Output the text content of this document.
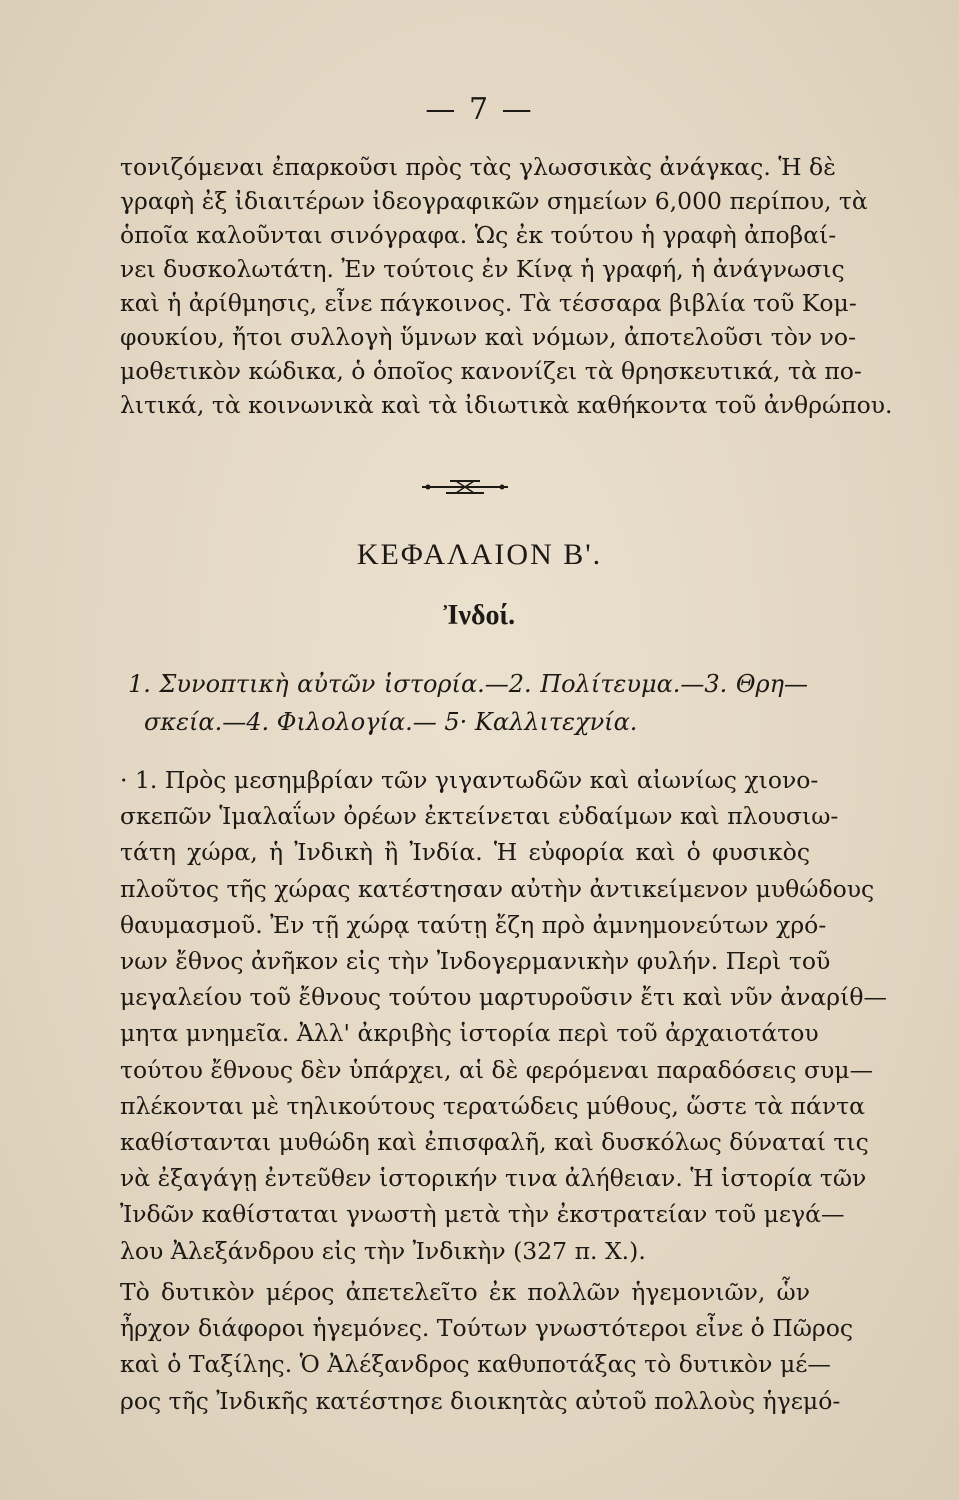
— 7 —
τονιζόμεναι ἐπαρκοῦσι πρὸς τὰς γλωσσικὰς ἀνάγκας. Ἡ δὲ
γραφὴ ἐξ ἰδιαιτέρων ἰδεογραφικῶν σημείων 6,000 περίπου, τὰ
ὁποῖα καλοῦνται σινόγραφα. Ὡς ἐκ τούτου ἡ γραφὴ ἀποβαί-
νει δυσκολωτάτη. Ἐν τούτοις ἐν Κίνᾳ ἡ γραφή, ἡ ἀνάγνωσις
καὶ ἡ ἀρίθμησις, εἶνε πάγκοινος. Τὰ τέσσαρα βιβλία τοῦ Κομ-
φουκίου, ἤτοι συλλογὴ ὕμνων καὶ νόμων, ἀποτελοῦσι τὸν νο-
μοθετικὸν κώδικα, ὁ ὁποῖος κανονίζει τὰ θρησκευτικά, τὰ πο-
λιτικά, τὰ κοινωνικὰ καὶ τὰ ἰδιωτικὰ καθήκοντα τοῦ ἀνθρώπου.
ΚΕΦΑΛΑΙΟΝ Β'.
Ἰνδοί.
1. Συνοπτικὴ αὐτῶν ἱστορία.—2. Πολίτευμα.—3. Θρη—
σκεία.—4. Φιλολογία.— 5· Καλλιτεχνία.
· 1. Πρὸς μεσημβρίαν τῶν γιγαντωδῶν καὶ αἰωνίως χιονο-
σκεπῶν Ἱμαλαΐων ὀρέων ἐκτείνεται εὐδαίμων καὶ πλουσιω-
τάτη χώρα, ἡ Ἰνδικὴ ἢ Ἰνδία. Ἡ εὐφορία καὶ ὁ φυσικὸς
πλοῦτος τῆς χώρας κατέστησαν αὐτὴν ἀντικείμενον μυθώδους
θαυμασμοῦ. Ἐν τῇ χώρᾳ ταύτῃ ἔζη πρὸ ἀμνημονεύτων χρό-
νων ἔθνος ἀνῆκον εἰς τὴν Ἰνδογερμανικὴν φυλήν. Περὶ τοῦ
μεγαλείου τοῦ ἔθνους τούτου μαρτυροῦσιν ἔτι καὶ νῦν ἀναρίθ—
μητα μνημεῖα. Ἀλλ' ἀκριβὴς ἱστορία περὶ τοῦ ἀρχαιοτάτου
τούτου ἔθνους δὲν ὑπάρχει, αἱ δὲ φερόμεναι παραδόσεις συμ—
πλέκονται μὲ τηλικούτους τερατώδεις μύθους, ὥστε τὰ πάντα
καθίστανται μυθώδη καὶ ἐπισφαλῆ, καὶ δυσκόλως δύναταί τις
νὰ ἐξαγάγῃ ἐντεῦθεν ἱστορικήν τινα ἀλήθειαν. Ἡ ἱστορία τῶν
Ἰνδῶν καθίσταται γνωστὴ μετὰ τὴν ἐκστρατείαν τοῦ μεγά—
λου Ἀλεξάνδρου εἰς τὴν Ἰνδικὴν (327 π. Χ.).
Τὸ δυτικὸν μέρος ἀπετελεῖτο ἐκ πολλῶν ἡγεμονιῶν, ὧν
ἦρχον διάφοροι ἡγεμόνες. Τούτων γνωστότεροι εἶνε ὁ Πῶρος
καὶ ὁ Ταξίλης. Ὁ Ἀλέξανδρος καθυποτάξας τὸ δυτικὸν μέ—
ρος τῆς Ἰνδικῆς κατέστησε διοικητὰς αὐτοῦ πολλοὺς ἡγεμό-
